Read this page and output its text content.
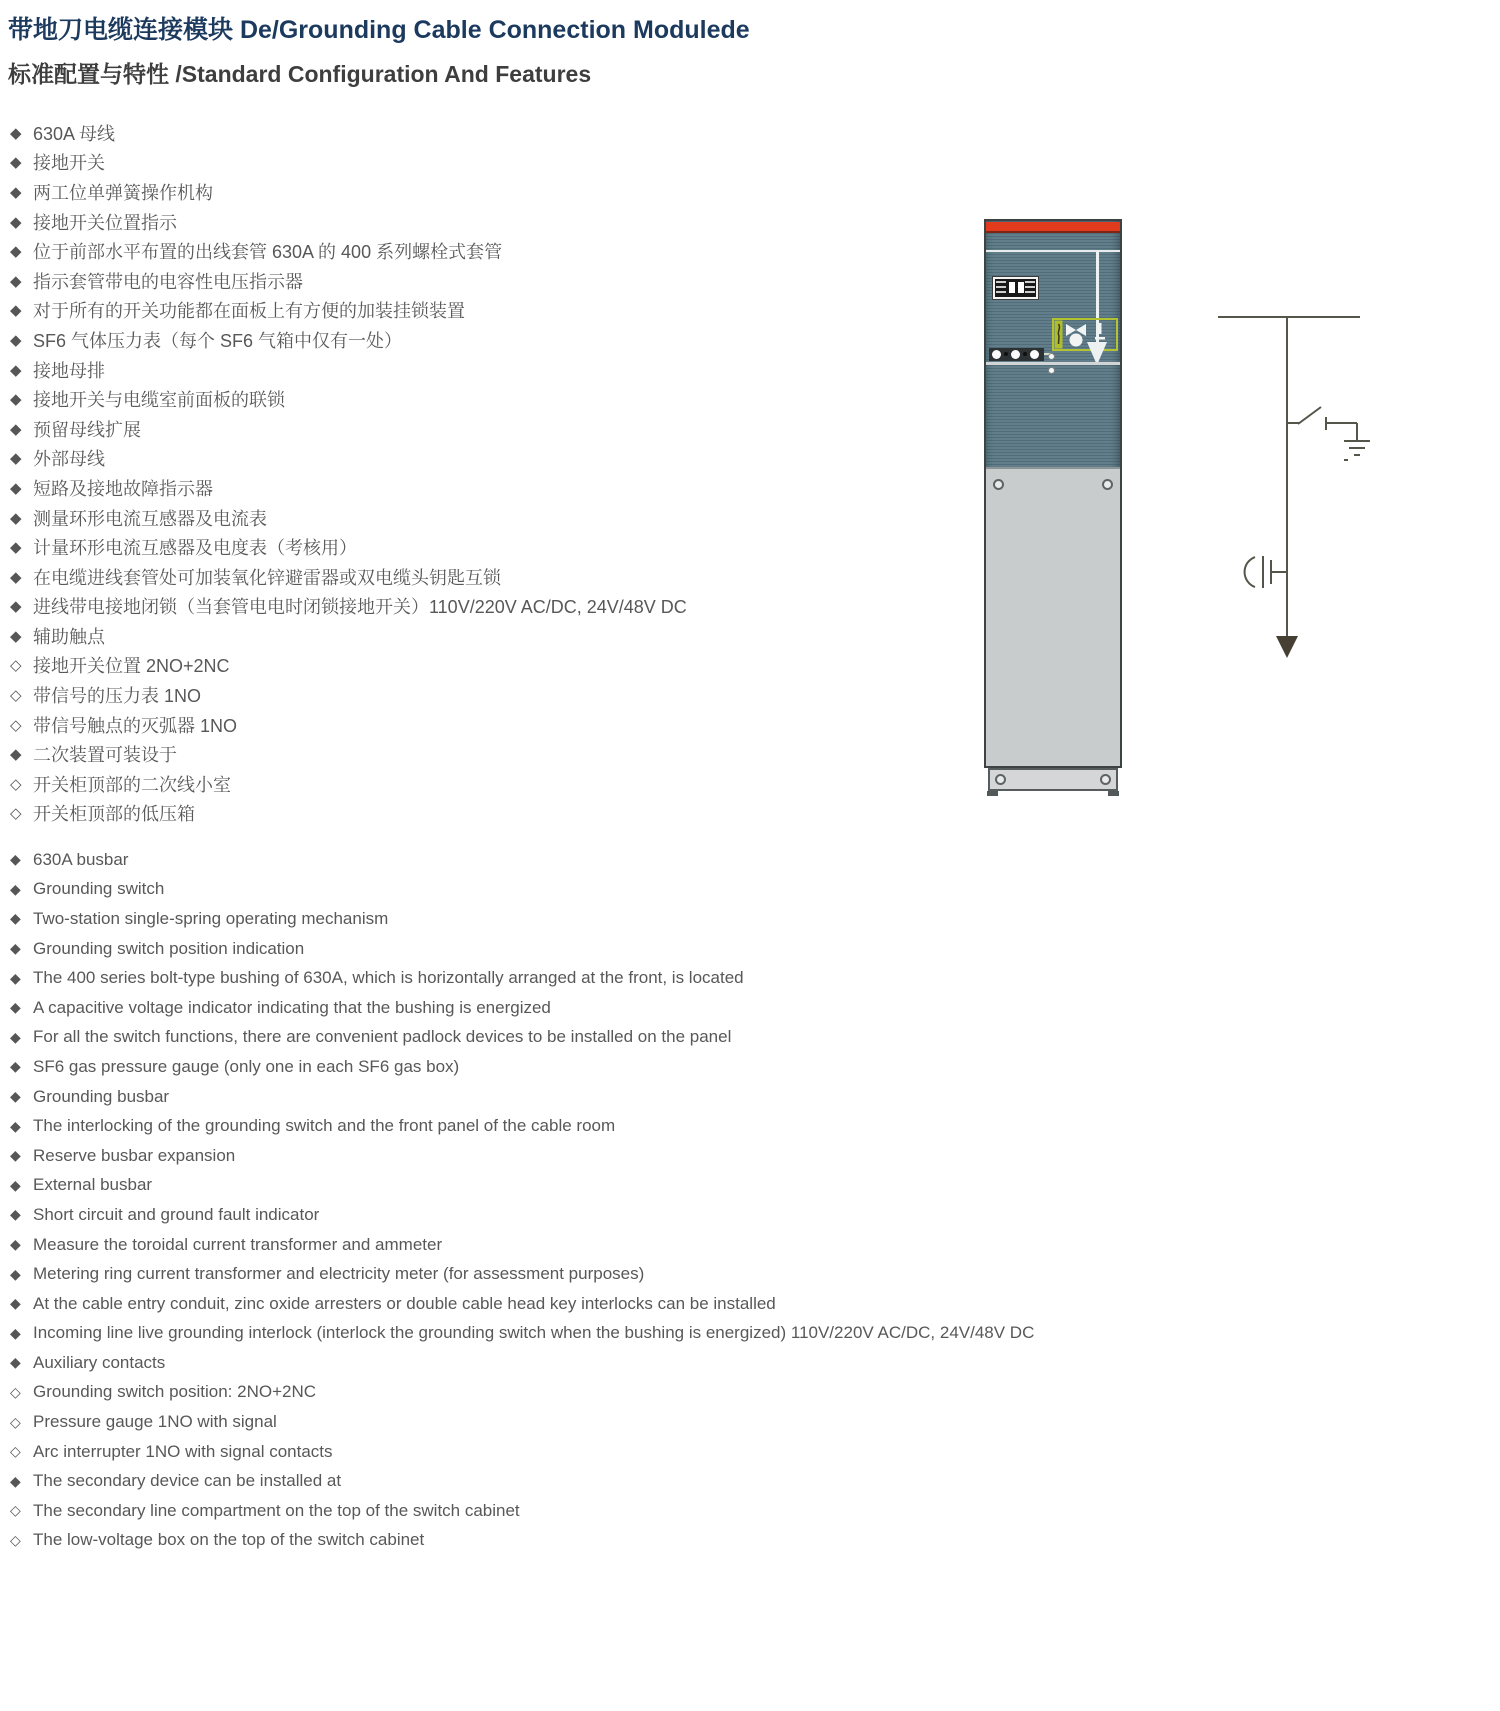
带地刀电缆连接模块 De/Grounding Cable Connection Modulede
标准配置与特性 /Standard Configuration And Features
◆ 630A 母线
◆ 接地开关
◆ 两工位单弹簧操作机构
◆ 接地开关位置指示
◆ 位于前部水平布置的出线套管 630A 的 400 系列螺栓式套管
◆ 指示套管带电的电容性电压指示器
◆ 对于所有的开关功能都在面板上有方便的加装挂锁装置
◆ SF6 气体压力表（每个 SF6 气箱中仅有一处）
◆ 接地母排
◆ 接地开关与电缆室前面板的联锁
◆ 预留母线扩展
◆ 外部母线
◆ 短路及接地故障指示器
◆ 测量环形电流互感器及电流表
◆ 计量环形电流互感器及电度表（考核用）
◆ 在电缆进线套管处可加装氧化锌避雷器或双电缆头钥匙互锁
◆ 进线带电接地闭锁（当套管电电时闭锁接地开关）110V/220V AC/DC, 24V/48V DC
◆ 辅助触点
◇ 接地开关位置 2NO+2NC
◇ 带信号的压力表 1NO
◇ 带信号触点的灭弧器 1NO
◆ 二次装置可装设于
◇ 开关柜顶部的二次线小室
◇ 开关柜顶部的低压箱
◆ 630A busbar
◆ Grounding switch
◆ Two-station single-spring operating mechanism
◆ Grounding switch position indication
◆ The 400 series bolt-type bushing of 630A, which is horizontally arranged at the front, is located
◆ A capacitive voltage indicator indicating that the bushing is energized
◆ For all the switch functions, there are convenient padlock devices to be installed on the panel
◆ SF6 gas pressure gauge (only one in each SF6 gas box)
◆ Grounding busbar
◆ The interlocking of the grounding switch and the front panel of the cable room
◆ Reserve busbar expansion
◆ External busbar
◆ Short circuit and ground fault indicator
◆ Measure the toroidal current transformer and ammeter
◆ Metering ring current transformer and electricity meter (for assessment purposes)
◆ At the cable entry conduit, zinc oxide arresters or double cable head key interlocks can be installed
◆ Incoming line live grounding interlock (interlock the grounding switch when the bushing is energized) 110V/220V AC/DC, 24V/48V DC
◆ Auxiliary contacts
◇ Grounding switch position: 2NO+2NC
◇ Pressure gauge 1NO with signal
◇ Arc interrupter 1NO with signal contacts
◆ The secondary device can be installed at
◇ The secondary line compartment on the top of the switch cabinet
◇ The low-voltage box on the top of the switch cabinet
